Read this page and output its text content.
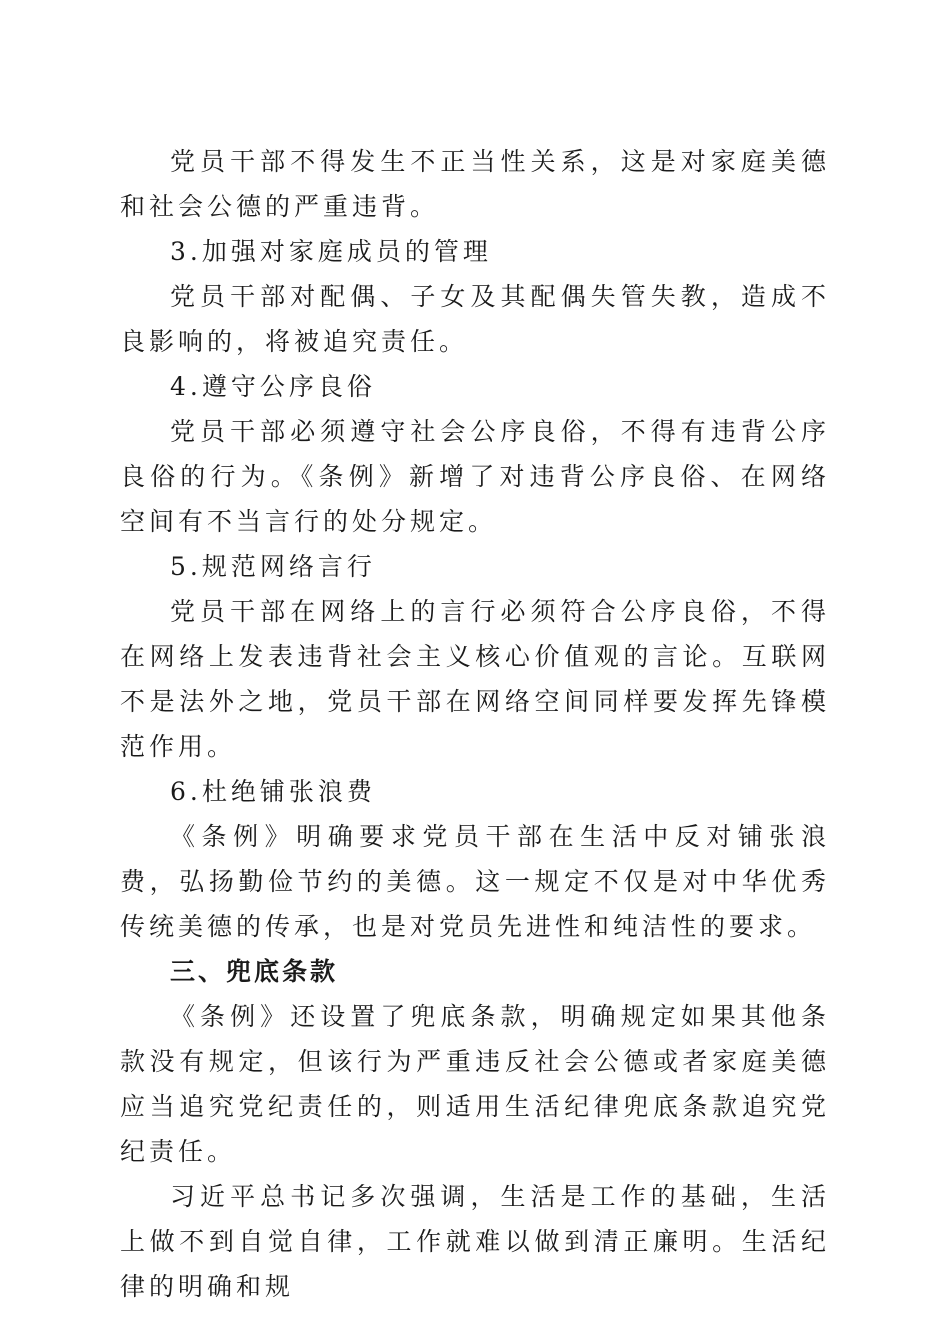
党员干部不得发生不正当性关系，这是对家庭美德和社会公德的严重违背。

3.加强对家庭成员的管理

党员干部对配偶、子女及其配偶失管失教，造成不良影响的，将被追究责任。

4.遵守公序良俗

党员干部必须遵守社会公序良俗，不得有违背公序良俗的行为。《条例》新增了对违背公序良俗、在网络空间有不当言行的处分规定。

5.规范网络言行

党员干部在网络上的言行必须符合公序良俗，不得在网络上发表违背社会主义核心价值观的言论。互联网不是法外之地，党员干部在网络空间同样要发挥先锋模范作用。

6.杜绝铺张浪费

《条例》明确要求党员干部在生活中反对铺张浪费，弘扬勤俭节约的美德。这一规定不仅是对中华优秀传统美德的传承，也是对党员先进性和纯洁性的要求。

三、兜底条款

《条例》还设置了兜底条款，明确规定如果其他条款没有规定，但该行为严重违反社会公德或者家庭美德应当追究党纪责任的，则适用生活纪律兜底条款追究党纪责任。

习近平总书记多次强调，生活是工作的基础，生活上做不到自觉自律，工作就难以做到清正廉明。生活纪律的明确和规
